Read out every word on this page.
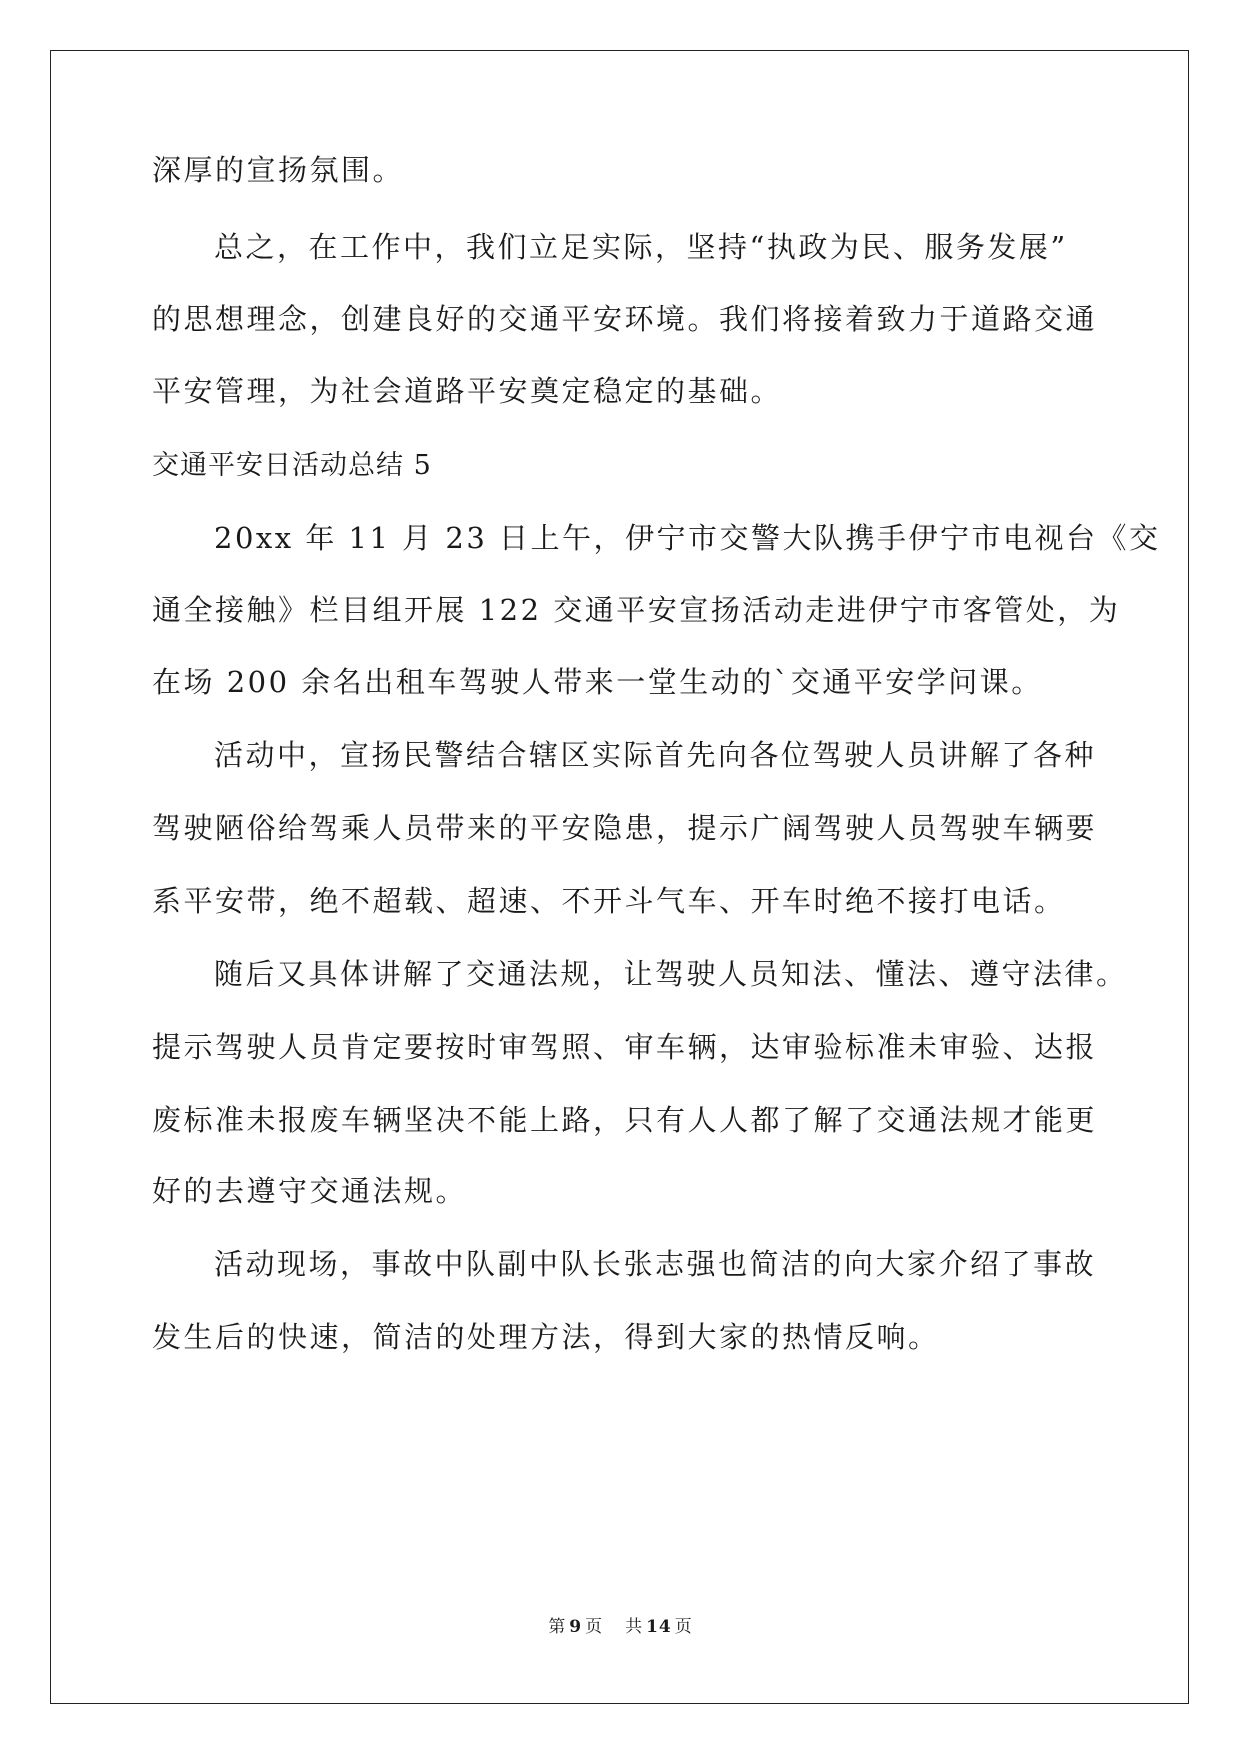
深厚的宣扬氛围。
总之，在工作中，我们立足实际，坚持“执政为民、服务发展”
的思想理念，创建良好的交通平安环境。我们将接着致力于道路交通
平安管理，为社会道路平安奠定稳定的基础。
交通平安日活动总结 5
20xx 年 11 月 23 日上午，伊宁市交警大队携手伊宁市电视台《交
通全接触》栏目组开展 122 交通平安宣扬活动走进伊宁市客管处，为
在场 200 余名出租车驾驶人带来一堂生动的`交通平安学问课。
活动中，宣扬民警结合辖区实际首先向各位驾驶人员讲解了各种
驾驶陋俗给驾乘人员带来的平安隐患，提示广阔驾驶人员驾驶车辆要
系平安带，绝不超载、超速、不开斗气车、开车时绝不接打电话。
随后又具体讲解了交通法规，让驾驶人员知法、懂法、遵守法律。
提示驾驶人员肯定要按时审驾照、审车辆，达审验标准未审验、达报
废标准未报废车辆坚决不能上路，只有人人都了解了交通法规才能更
好的去遵守交通法规。
活动现场，事故中队副中队长张志强也简洁的向大家介绍了事故
发生后的快速，简洁的处理方法，得到大家的热情反响。
第 9 页 共 14 页
